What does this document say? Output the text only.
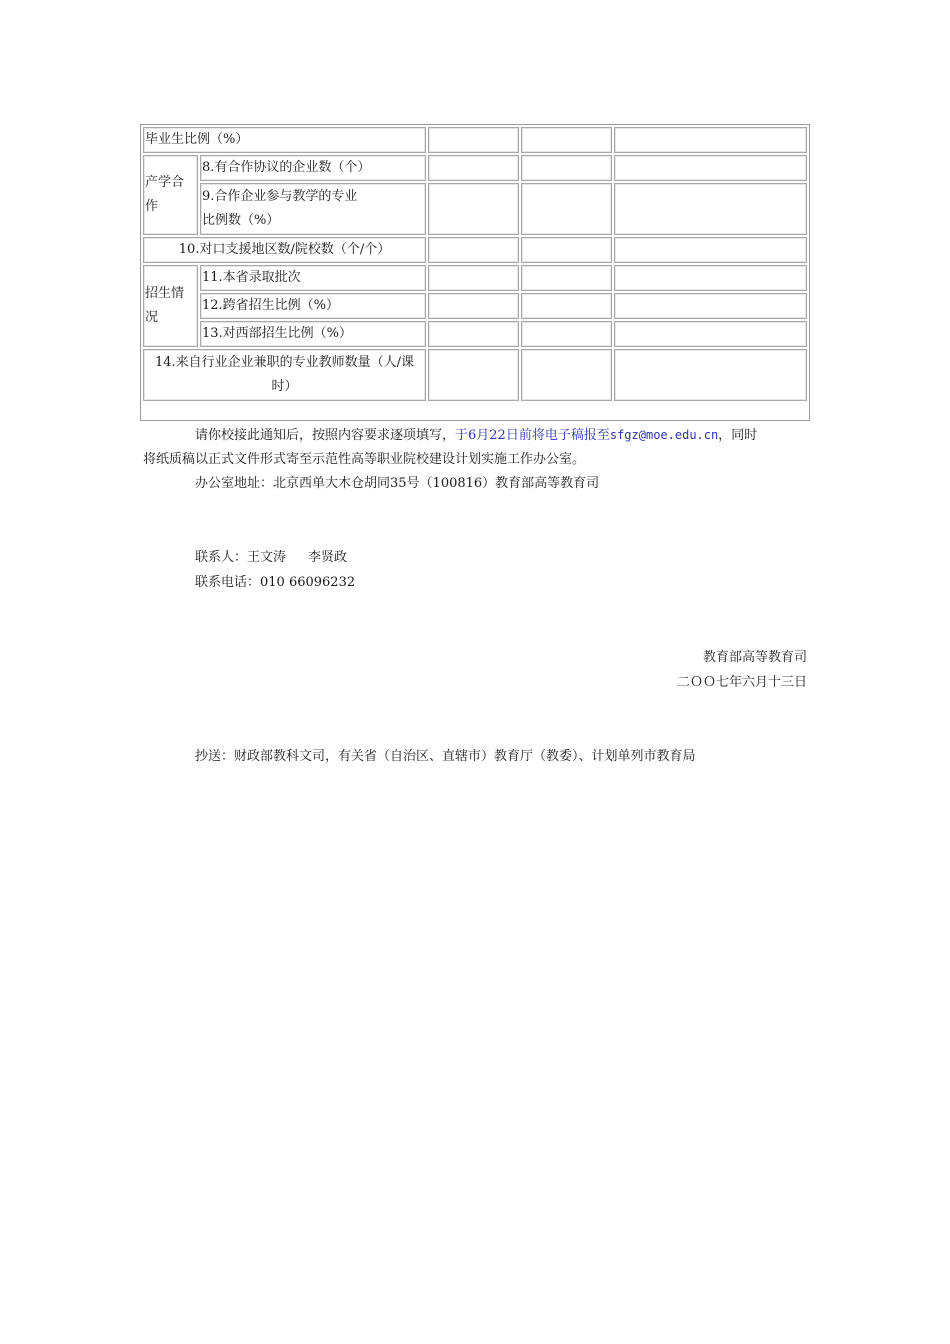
毕业生比例（%）				
产学合作	8.有合作协议的企业数（个）			

	9.合作企业参与教学的专业
比例数（%）			

10.对口支援地区数/院校数（个/个）				
招生情况	11.本省录取批次			
	12.跨省招生比例（%）			
	13.对西部招生比例（%）			

14.来自行业企业兼职的专业教师数量（人/课
时）				

请你校接此通知后，按照内容要求逐项填写，于6月22日前将电子稿报至sfgz@moe.edu.cn，同时
将纸质稿以正式文件形式寄至示范性高等职业院校建设计划实施工作办公室。
办公室地址：北京西单大木仓胡同35号（100816）教育部高等教育司
联系人：王文涛 李贤政
联系电话：010 66096232
教育部高等教育司
二ＯＯ七年六月十三日
抄送：财政部教科文司，有关省（自治区、直辖市）教育厅（教委）、计划单列市教育局
